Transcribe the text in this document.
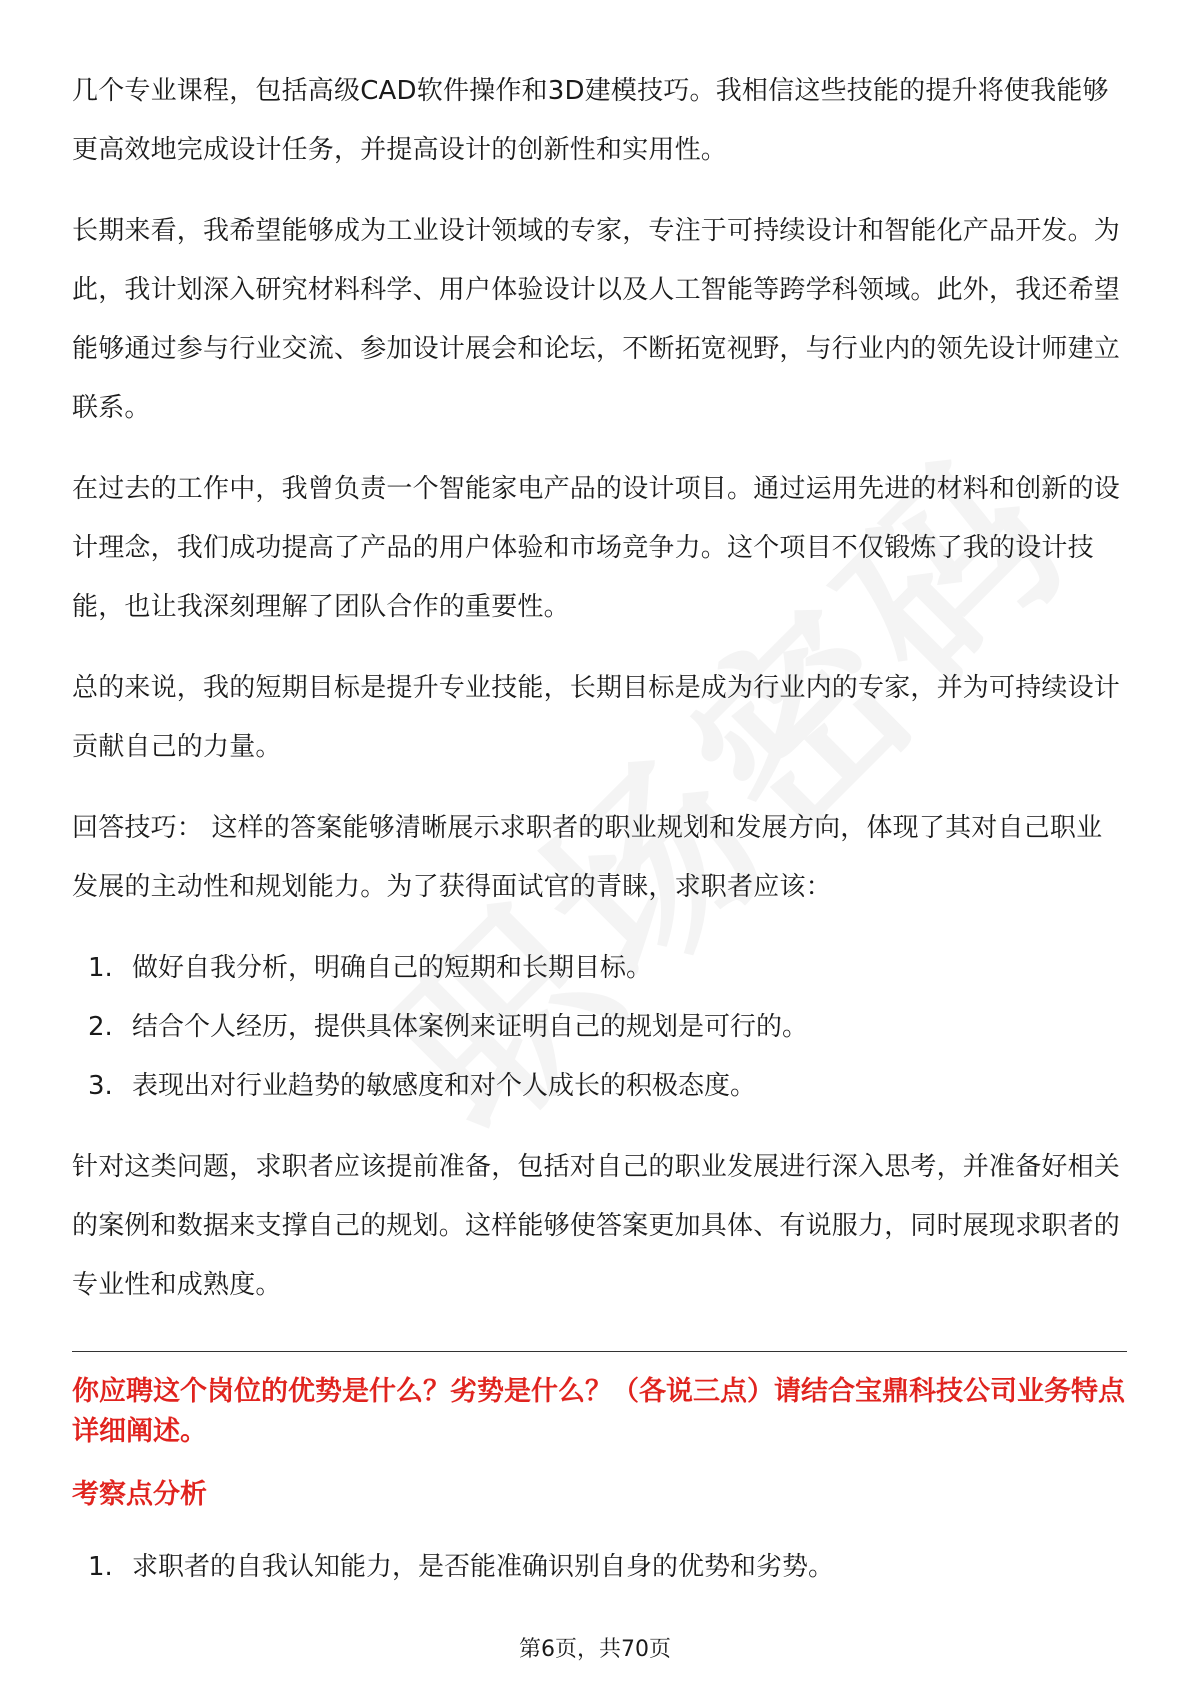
几个专业课程，包括高级CAD软件操作和3D建模技巧。我相信这些技能的提升将使我能够更高效地完成设计任务，并提高设计的创新性和实用性。

长期来看，我希望能够成为工业设计领域的专家，专注于可持续设计和智能化产品开发。为此，我计划深入研究材料科学、用户体验设计以及人工智能等跨学科领域。此外，我还希望能够通过参与行业交流、参加设计展会和论坛，不断拓宽视野，与行业内的领先设计师建立联系。

在过去的工作中，我曾负责一个智能家电产品的设计项目。通过运用先进的材料和创新的设计理念，我们成功提高了产品的用户体验和市场竞争力。这个项目不仅锻炼了我的设计技能，也让我深刻理解了团队合作的重要性。

总的来说，我的短期目标是提升专业技能，长期目标是成为行业内的专家，并为可持续设计贡献自己的力量。

回答技巧： 这样的答案能够清晰展示求职者的职业规划和发展方向，体现了其对自己职业发展的主动性和规划能力。为了获得面试官的青睐，求职者应该：

1. 做好自我分析，明确自己的短期和长期目标。
2. 结合个人经历，提供具体案例来证明自己的规划是可行的。
3. 表现出对行业趋势的敏感度和对个人成长的积极态度。

针对这类问题，求职者应该提前准备，包括对自己的职业发展进行深入思考，并准备好相关的案例和数据来支撑自己的规划。这样能够使答案更加具体、有说服力，同时展现求职者的专业性和成熟度。

你应聘这个岗位的优势是什么？劣势是什么？（各说三点）请结合宝鼎科技公司业务特点详细阐述。

考察点分析

1. 求职者的自我认知能力，是否能准确识别自身的优势和劣势。
第6页，共70页
